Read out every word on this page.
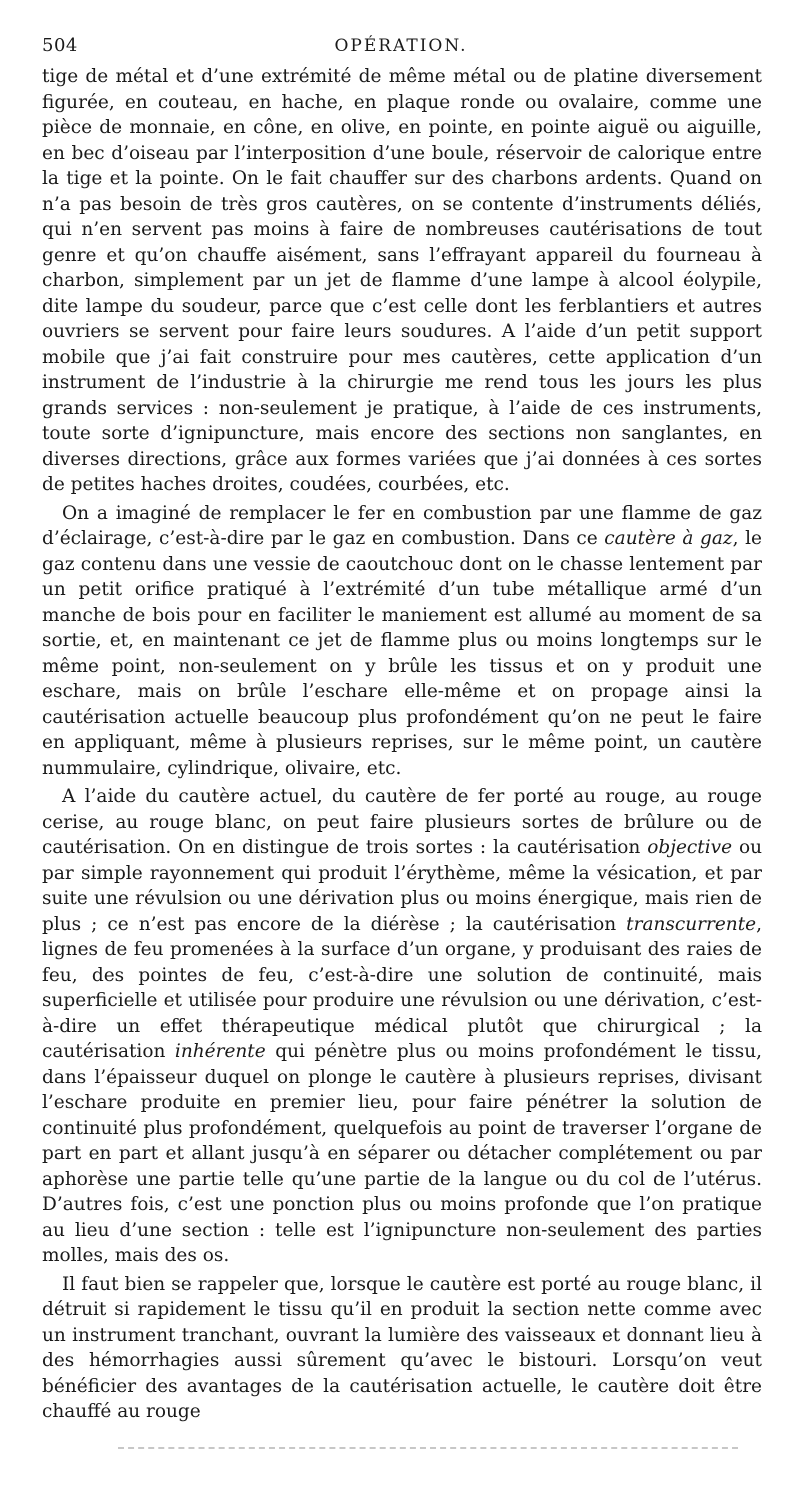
504	OPÉRATION.

tige de métal et d’une extrémité de même métal ou de platine diversement figurée, en couteau, en hache, en plaque ronde ou ovalaire, comme une pièce de monnaie, en cône, en olive, en pointe, en pointe aiguë ou aiguille, en bec d’oiseau par l’interposition d’une boule, réservoir de calorique entre la tige et la pointe. On le fait chauffer sur des charbons ardents. Quand on n’a pas besoin de très gros cautères, on se contente d’instruments déliés, qui n’en servent pas moins à faire de nombreuses cautérisations de tout genre et qu’on chauffe aisément, sans l’effrayant appareil du fourneau à charbon, simplement par un jet de flamme d’une lampe à alcool éolypile, dite lampe du soudeur, parce que c’est celle dont les ferblantiers et autres ouvriers se servent pour faire leurs soudures. A l’aide d’un petit support mobile que j’ai fait construire pour mes cautères, cette application d’un instrument de l’industrie à la chirurgie me rend tous les jours les plus grands services : non-seulement je pratique, à l’aide de ces instruments, toute sorte d’ignipuncture, mais encore des sections non sanglantes, en diverses directions, grâce aux formes variées que j’ai données à ces sortes de petites haches droites, coudées, courbées, etc.

On a imaginé de remplacer le fer en combustion par une flamme de gaz d’éclairage, c’est-à-dire par le gaz en combustion. Dans ce cautère à gaz, le gaz contenu dans une vessie de caoutchouc dont on le chasse lentement par un petit orifice pratiqué à l’extrémité d’un tube métallique armé d’un manche de bois pour en faciliter le maniement est allumé au moment de sa sortie, et, en maintenant ce jet de flamme plus ou moins longtemps sur le même point, non-seulement on y brûle les tissus et on y produit une eschare, mais on brûle l’eschare elle-même et on propage ainsi la cautérisation actuelle beaucoup plus profondément qu’on ne peut le faire en appliquant, même à plusieurs reprises, sur le même point, un cautère nummulaire, cylindrique, olivaire, etc.

A l’aide du cautère actuel, du cautère de fer porté au rouge, au rouge cerise, au rouge blanc, on peut faire plusieurs sortes de brûlure ou de cautérisation. On en distingue de trois sortes : la cautérisation objective ou par simple rayonnement qui produit l’érythème, même la vésication, et par suite une révulsion ou une dérivation plus ou moins énergique, mais rien de plus ; ce n’est pas encore de la diérèse ; la cautérisation transcurrente, lignes de feu promenées à la surface d’un organe, y produisant des raies de feu, des pointes de feu, c’est-à-dire une solution de continuité, mais superficielle et utilisée pour produire une révulsion ou une dérivation, c’est-à-dire un effet thérapeutique médical plutôt que chirurgical ; la cautérisation inhérente qui pénètre plus ou moins profondément le tissu, dans l’épaisseur duquel on plonge le cautère à plusieurs reprises, divisant l’eschare produite en premier lieu, pour faire pénétrer la solution de continuité plus profondément, quelquefois au point de traverser l’organe de part en part et allant jusqu’à en séparer ou détacher complétement ou par aphorèse une partie telle qu’une partie de la langue ou du col de l’utérus. D’autres fois, c’est une ponction plus ou moins profonde que l’on pratique au lieu d’une section : telle est l’ignipuncture non-seulement des parties molles, mais des os.

Il faut bien se rappeler que, lorsque le cautère est porté au rouge blanc, il détruit si rapidement le tissu qu’il en produit la section nette comme avec un instrument tranchant, ouvrant la lumière des vaisseaux et donnant lieu à des hémorrhagies aussi sûrement qu’avec le bistouri. Lorsqu’on veut bénéficier des avantages de la cautérisation actuelle, le cautère doit être chauffé au rouge
